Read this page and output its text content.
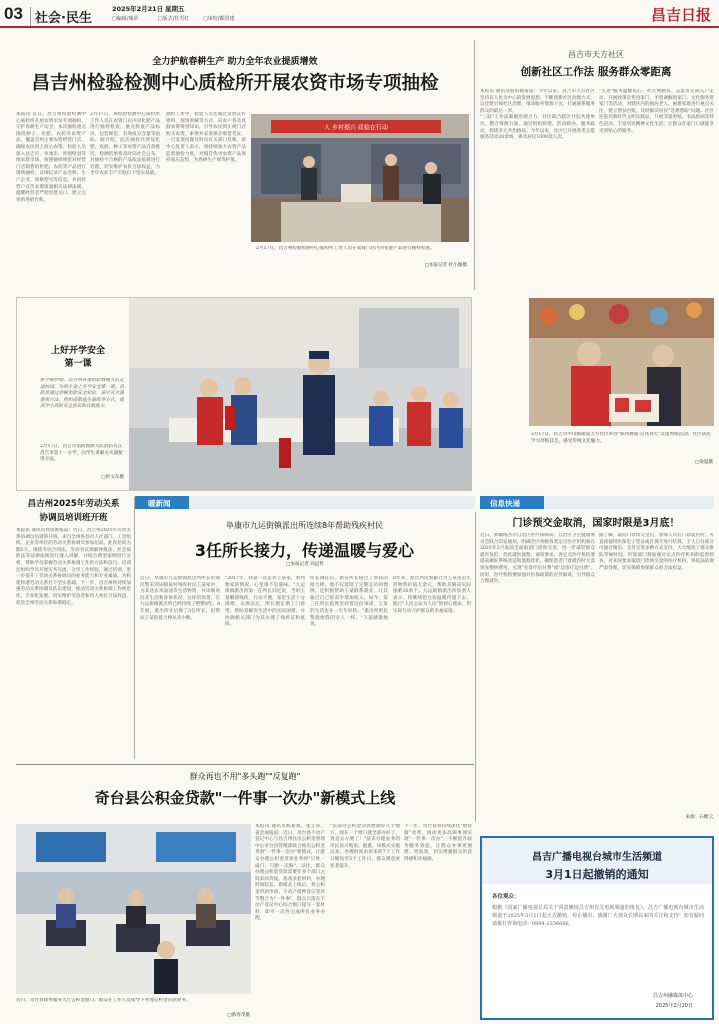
03 社会·民生
2025年2月21日 星期五
□编辑/城草	□版式/任雪红	□审校/都国建	昌吉日报
全力护航春耕生产 助力全年农业提质增效
昌吉州检验检测中心质检所开展农资市场专项抽检
本报讯 近日，昌吉州检验检测中心质检所开展农资市场专项抽检，守护春耕生产安全。本次抽检重点围绕种子、化肥、农药等农资产品，覆盖全州主要农资经营门店，确保农民用上放心农资。检验人员深入昌吉市、阜康市、呼图壁县等地农资市场，按照抽样规范对经营门店销售的化肥、农药等产品进行现场抽样，详细记录产品名称、生产企业、规格型号等信息，并向经营户宣传农资质量相关法律法规，提醒经营者严把进货关口，建立完善的进销台账。
2月17日，该检验检测中心质检所工作人员在农资门店内对化肥产品进行抽样检查，重点检查产品标识、包装规范、有效成分含量等指标。据介绍，此次抽检共涉及化肥、农药、种子等农资产品百余批次，检测结果将及时向社会公布，对抽检不合格的产品依法依规进行处理，切实维护农民合法权益，为全年农业丰产丰收打下坚实基础。
抽检工作中，检验人员还通过发放宣传资料、现场讲解等方式，向农户普及真假农资辨别知识，引导农民到正规门店购买农资，索要并妥善保存购货凭证，一旦发现问题及时向有关部门反映。该中心负责人表示，将持续加大农资产品监督抽检力度，对假冒伪劣农资产品保持高压态势，为春耕生产保驾护航。
人 乡村振兴 质检在行动
2月17日，昌吉州检验检测中心质检所工作人员在农资门店内对化肥产品进行抽样检查。
□本报记者 杜小璇摄
昌吉市天方社区
创新社区工作法 服务群众零距离
本报讯 通讯员殷绍媛报道：今年以来，昌吉市天方社区坚持以人民为中心的发展思想，不断创新社区治理方式，以党建引领社区治理，推动服务资源下沉，打通联系服务群众的最后一米。
"三联"工作法凝聚治理合力。社区联合辖区共驻共建单位，整合资源力量，通过组织联建、活动联办、服务联动，构建多元共治格局。今年以来，社区已开展各类志愿服务活动20余场，惠及居民1000余人次。
"五进"服务温暖民心。社区网格员、志愿者定期入户走访，开展政策宣传进家门、矛盾调解进家门、文化服务进家门等活动，对辖区内的独居老人、困难家庭进行重点关注，建立帮扶台账，及时解决居民"急难愁盼"问题。社区还依托新时代文明实践站，开展非遗剪纸、书法绘画等特色活动，丰富居民精神文化生活，让群众在家门口就能享受到贴心的服务。
上好开学安全
第一课
新学期伊始，昌吉州各地消防救援大队走进校园，为师生送上开学安全第一课。消防员通过讲解消防安全知识、演示灭火器使用方法、组织疏散逃生演练等方式，提高学生消防安全意识和自救能力。
2月17日，昌吉市消防救援大队消防员在昌吉市第十一小学，向学生讲解灭火器使用方法。
□洪文东摄
2月17日，昌吉市中山路街道天方社区举办"和风拂面·点亮春天"非遗剪纸活动，社区居民学习剪纸技艺，感受传统文化魅力。
□梁超摄
暖新闻	信息快递
昌吉州2025年劳动关系
协调员培训班开班
本报讯 通讯员何思源报道：近日，昌吉州2025年劳动关系协调员培训班开班。来自全州各县市人社部门、工会组织、企业等单位的劳动关系协调员参加培训。此次培训为期3天，围绕劳动合同法、劳动争议调解仲裁法、社会保险法等法律法规进行深入讲解，并结合典型案例进行分析，帮助学员掌握劳动关系协调工作的方法和技巧。培训还组织学员开展实务交流，分享工作经验。通过培训，进一步提升了劳动关系协调员的业务能力和专业素质，为构建和谐劳动关系打下坚实基础。下一步，昌吉州将持续加强劳动关系协调员队伍建设，推动劳动关系协调工作规范化、专业化发展，切实维护劳动者和用人单位合法权益，促进全州劳动关系和谐稳定。
阜康市九运街镇派出所连续8年帮助残疾村民
3任所长接力，传递温暖与爱心
□本报记者 高远哲
近日，阜康市九运街镇派出所所长带领民警来到该镇某村残疾村民王某家中，为其送去米面油等生活物资，并详细询问其生活和身体状况。这样的场景，在九运街镇派出所已经持续了整整8年。8年间，派出所先后换了3任所长，但帮扶王某的接力棒从未中断。
"2017年，我第一次走访王某家，看到他家的情况，心里很不是滋味。"九运街镇派出所第一任所长回忆说，当时王某腿部残疾，行动不便，家里生活十分困难。从那以后，所长便定期上门看望，帮助其解决生活中的实际困难，并协调相关部门为其办理了残疾证和低保。
所长调任后，新任所长接过了帮扶的接力棒。他不仅延续了定期走访的惯例，还积极帮助王某联系就业，让其通过自己的双手增加收入。如今，第三任所长依然坚持着这份承诺，王某的生活也在一年年好转。"派出所的民警就像我的亲人一样。"王某感激地说。
8年来，派出所民警累计为王某送去生活物资价值万余元，帮助其解决实际困难20余个。九运街镇派出所负责人表示，将继续把这份温暖传递下去，践行"人民公安为人民"的初心使命，用实际行动守护群众的幸福安康。
门诊预交金取消，国家时限是3月底！
近日，新疆维吾尔自治区医疗保障局、自治区卫生健康委员会联合印发通知，明确全区各级各类定点医疗机构须在2025年3月底前全面取消门诊预交金，进一步减轻群众就医负担，优化就医流程。通知要求，各定点医疗机构要提前做好系统改造和流程优化，确保患者门诊就医时无需预先缴纳费用，实现"先诊疗后付费"或"边诊疗边付费"。同时，医疗机构要加强对医保政策的宣传解读，引导群众合理就医。
据了解，取消门诊预交金后，参保人员在门诊就医时，可直接使用医保电子凭证或社保卡进行结算，个人自付部分可通过微信、支付宝等多种方式支付，大大缩短了群众排队等候时间。医保部门将加强对定点医疗机构的监督检查，对未按要求取消门诊预交金的医疗机构，将依法依规严肃处理，切实保障参保群众的合法权益。
来源：石榴云
群众再也不用"多头跑""反复跑"
奇台县公积金贷款"一件事一次办"新模式上线
近日，奇台县政务服务大厅公积金窗口，群众在工作人员指导下办理公积金贷款业务。
□新春茂摄
本报讯 通讯员杨嘉燕、张立涛、姜金丽报道：近日，奇台县不动产登记中心与昌吉州住房公积金管理中心奇台县管理部联合推出公积金贷款"一件事一次办"新模式，让群众办理公积金贷款业务时"只进一扇门、只跑一次路"。以往，群众办理公积金贷款需要在多个部门之间来回奔波，准备多套材料，办理时间较长。新模式上线后，将公积金贷款申请、不动产抵押登记等环节整合为"一件事"，群众只需在不动产登记中心综合窗口提交一套材料，即可一次性完成所有业务办理。
"以前办公积金贷款要跑好几个地方，现在一个窗口就全部办好了，真是太方便了！"前来办理业务的市民高兴地说。据悉，该模式实施以来，办理时间由原来的7个工作日缩短至3个工作日，群众满意度显著提升。
下一步，奇台县将持续深化"放管服"改革，推动更多高频事项实现"一件事一次办"，不断提升政务服务效能，让群众办事更便捷、更高效，切实增强群众的获得感和幸福感。	昌吉广播电视台城市生活频道
3月1日起撤销的通知
各位观众：
根据《国家广播电视总局关于同意撤销昌吉州有关电视频道的批复》，昌吉广播电视台城市生活频道于2025年3月1日起正式撤销，停止播出。感谢广大观众长期以来的关注和支持！如有疑问请拨打咨询电话：0994-2336666。
昌吉州融媒体中心
2025年2月20日
